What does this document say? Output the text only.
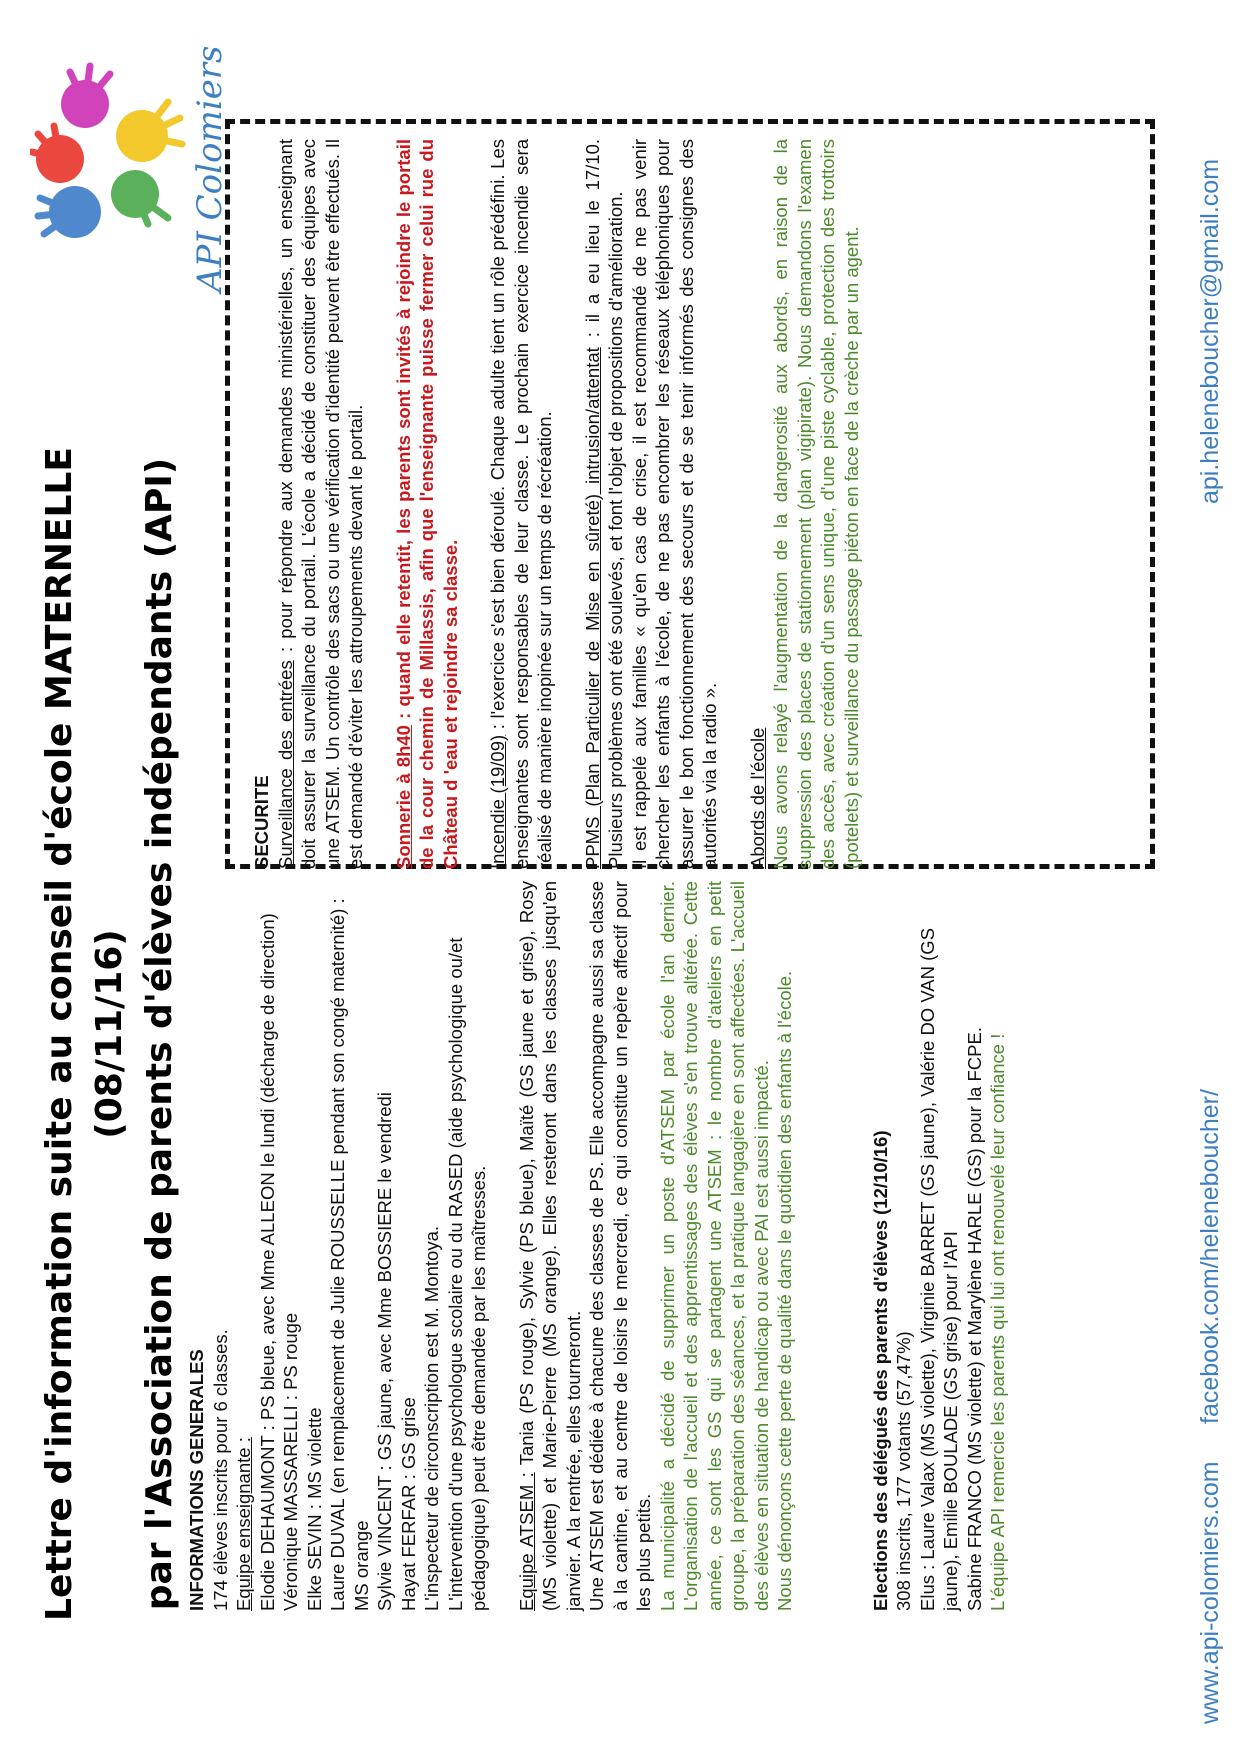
Lettre d'information suite au conseil d'école MATERNELLE (08/11/16) par l'Association de parents d'élèves indépendants (API)
API Colomiers

INFORMATIONS GENERALES 174 élèves inscrits pour 6 classes. Equipe enseignante : Elodie DEHAUMONT : PS bleue, avec Mme ALLEON le lundi (décharge de direction) Véronique MASSARELLI : PS rouge Elke SEVIN : MS violette Laure DUVAL (en remplacement de Julie ROUSSELLE pendant son congé maternité) : MS orange Sylvie VINCENT : GS jaune, avec Mme BOSSIERE le vendredi Hayat FERFAR : GS grise L'inspecteur de circonscription est M. Montoya. L'intervention d'une psychologue scolaire ou du RASED (aide psychologique ou/et pédagogique) peut être demandée par les maîtresses. Equipe ATSEM : Tania (PS rouge), Sylvie (PS bleue), Maïté (GS jaune et grise), Rosy (MS violette) et Marie-Pierre (MS orange). Elles resteront dans les classes jusqu'en janvier. A la rentrée, elles tourneront. Une ATSEM est dédiée à chacune des classes de PS. Elle accompagne aussi sa classe à la cantine, et au centre de loisirs le mercredi, ce qui constitue un repère affectif pour les plus petits. La municipalité a décidé de supprimer un poste d'ATSEM par école l'an dernier. L'organisation de l'accueil et des apprentissages des élèves s'en trouve altérée. Cette année, ce sont les GS qui se partagent une ATSEM : le nombre d'ateliers en petit groupe, la préparation des séances, et la pratique langagière en sont affectées. L'accueil des élèves en situation de handicap ou avec PAI est aussi impacté. Nous dénonçons cette perte de qualité dans le quotidien des enfants à l'école.	Elections des délégués des parents d'élèves (12/10/16) 308 inscrits, 177 votants (57,47%) Elus : Laure Valax (MS violette), Virginie BARRET (GS jaune), Valérie DO VAN (GS jaune), Emilie BOULADE (GS grise) pour l'API Sabine FRANCO (MS violette) et Marylène HARLE (GS) pour la FCPE. L'équipe API remercie les parents qui lui ont renouvelé leur confiance !

SECURITE Surveillance des entrées : pour répondre aux demandes ministérielles, un enseignant doit assurer la surveillance du portail. L'école a décidé de constituer des équipes avec une ATSEM. Un contrôle des sacs ou une vérification d'identité peuvent être effectués. Il est demandé d'éviter les attroupements devant le portail. Sonnerie à 8h40 : quand elle retentit, les parents sont invités à rejoindre le portail de la cour chemin de Millassis, afin que l'enseignante puisse fermer celui rue du Château d 'eau et rejoindre sa classe. Incendie (19/09) : l'exercice s'est bien déroulé. Chaque adulte tient un rôle prédéfini. Les enseignantes sont responsables de leur classe. Le prochain exercice incendie sera réalisé de manière inopinée sur un temps de récréation. PPMS (Plan Particulier de Mise en sûreté) intrusion/attentat : il a eu lieu le 17/10. Plusieurs problèmes ont été soulevés, et font l'objet de propositions d'amélioration. Il est rappelé aux familles « qu'en cas de crise, il est recommandé de ne pas venir chercher les enfants à l'école, de ne pas encombrer les réseaux téléphoniques pour assurer le bon fonctionnement des secours et de se tenir informés des consignes des autorités via la radio ». Abords de l'école Nous avons relayé l'augmentation de la dangerosité aux abords, en raison de la suppression des places de stationnement (plan vigipirate). Nous demandons l'examen des accès, avec création d'un sens unique, d'une piste cyclable, protection des trottoirs (potelets) et surveillance du passage piéton en face de la crèche par un agent.

www.api-colomiers.com
facebook.com/heleneboucher/
api.heleneboucher@gmail.com
